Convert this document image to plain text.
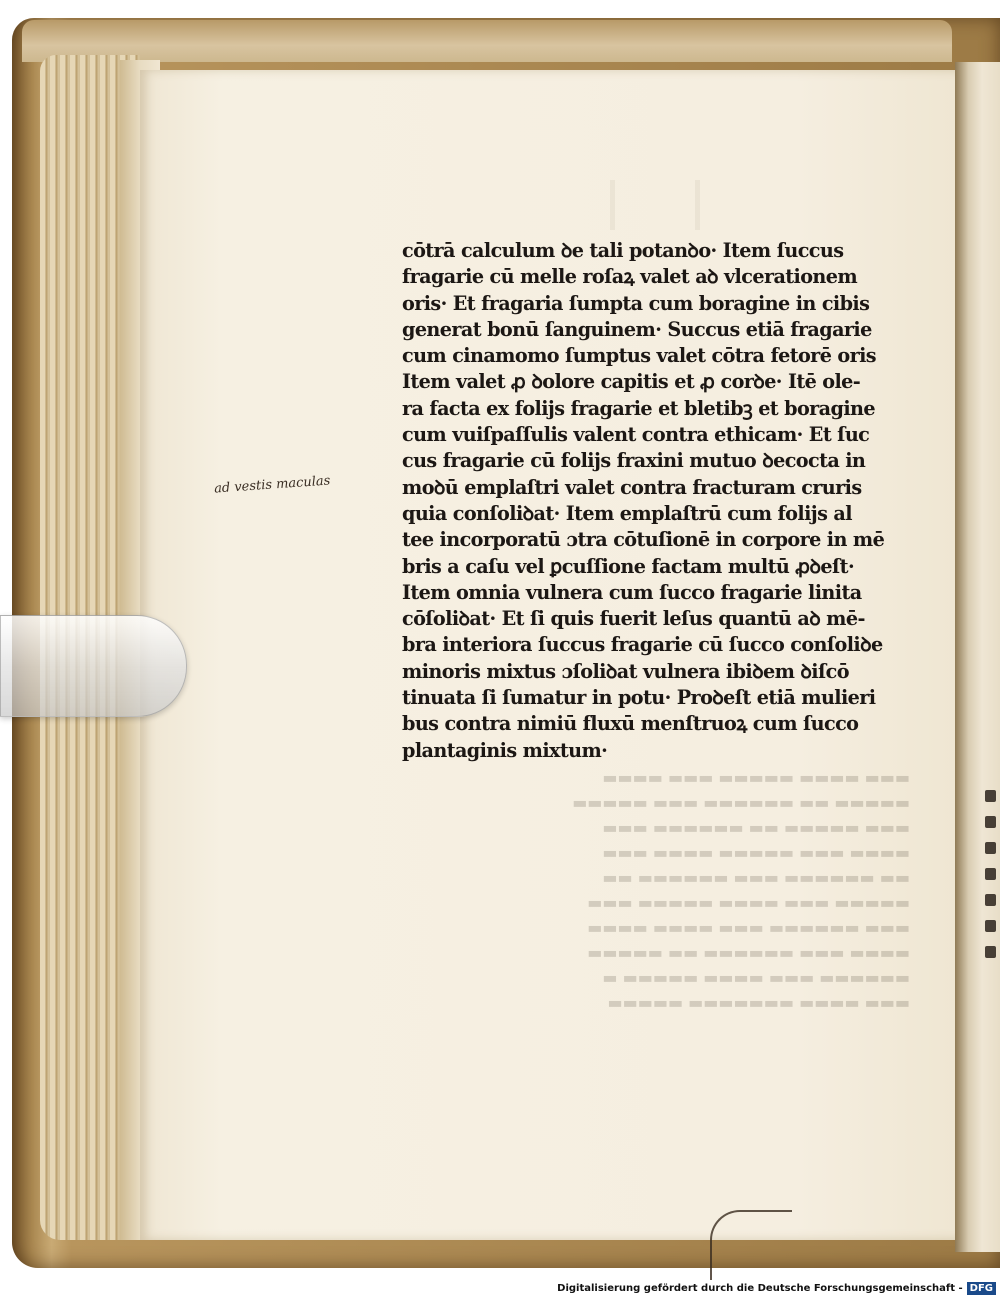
cōtrā calculum ꝺe tali potanꝺo· Item ſuccus
fragarie cū melle roſaꝝ valet aꝺ vlcerationem
oris· Et fragaria ſumpta cum boragine in cibis
generat bonū ſanguinem· Succus etiā fragarie
cum cinamomo ſumptus valet cōtra fetorē oris
Item valet ꝓ ꝺolore capitis et ꝓ corꝺe· Itē ole-
ra facta ex folijs fragarie et bletibꝫ et boragine
cum vuiſpaſſulis valent contra ethicam· Et ſuc
cus fragarie cū folijs fraxini mutuo ꝺecocta in
moꝺū emplaſtri valet contra fracturam cruris
quia conſoliꝺat· Item emplaſtrū cum folijs al
tee incorporatū ɔtra cōtuſionē in corpore in mē
bris a caſu vel ꝑcuſſione factam multū ꝓꝺeſt·
Item omnia vulnera cum ſucco fragarie linita
cōſoliꝺat· Et ſi quis fuerit leſus quantū aꝺ mē-
bra interiora ſuccus fragarie cū ſucco conſoliꝺe
minoris mixtus ɔſoliꝺat vulnera ibiꝺem ꝺiſcō
tinuata ſi ſumatur in potu· Proꝺeſt etiā mulieri
bus contra nimiū fluxū menſtruoꝝ cum ſucco
plantaginis mixtum·
ad vestis maculas
Digitalisierung gefördert durch die Deutsche Forschungsgemeinschaft - DFG
